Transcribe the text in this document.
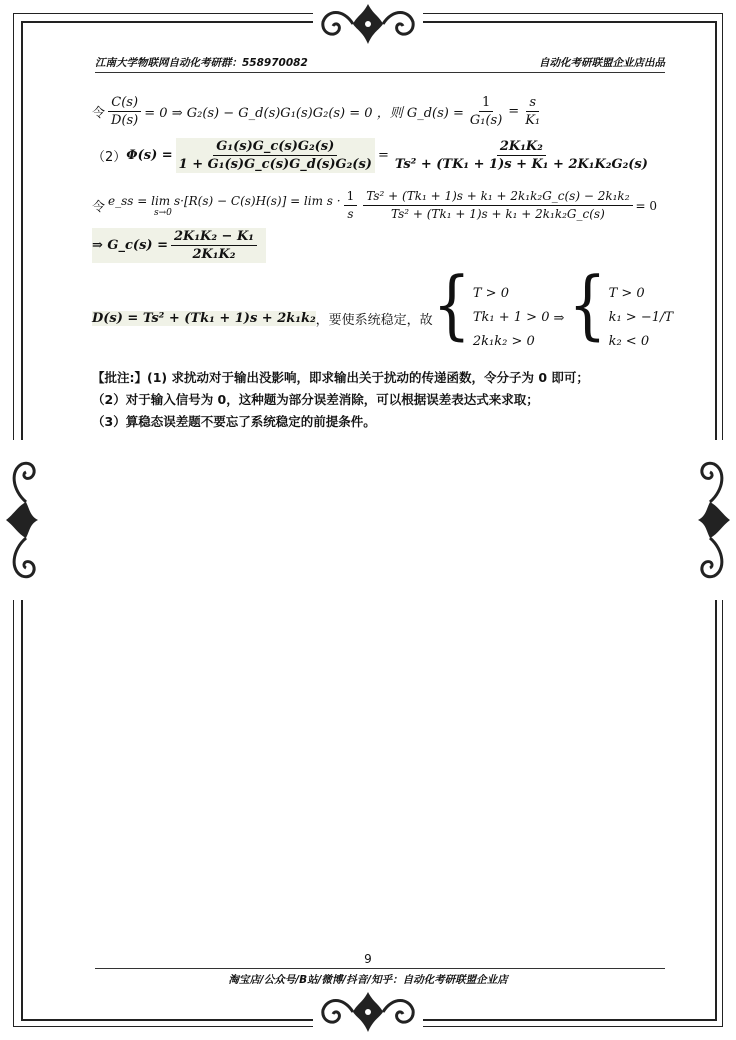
江南大学物联网自动化考研群：558970082	自动化考研联盟企业店出品
令 $\frac{C(s)}{D(s)} = 0$ ⇒ G₂(s) − G_d(s)G₁(s)G₂(s) = 0 ，则 G_d(s) = $\frac{1}{\text{G₁(s)}} = \frac{s}{\text{K₁}}$
（2） $\Phi(s) = \frac{\text{G₁(s)G\_c(s)G₂(s)}}{\text{1 + G₁(s)G\_c(s)G\_d(s)G₂(s)}} = \frac{\text{2K₁K₂}}{\text{Ts² + (TK₁ + 1)s + K₁ + 2K₁K₂G₂(s)}}$
令 e_ss = lim s·[R(s) − C(s)H(s)] = lim s ·
s→0	$\frac{1}{s} \frac{\text{Ts² + (Tk₁ + 1)s + k₁ + 2k₁k₂G\_c(s) − 2k₁k₂}}{\text{Ts² + (Tk₁ + 1)s + k₁ + 2k₁k₂G\_c(s)}} = 0$
⇒ G_c(s) = $\frac{\text{2K₁K₂ − K₁}}{\text{2K₁K₂}}$
D(s) = Ts² + (Tk₁ + 1)s + 2k₁k₂ ，要使系统稳定，故 { T > 0
Tk₁ + 1 > 0
2k₁k₂ > 0
⇒ { T > 0
k₁ > −1/T
k₂ < 0
【批注:】(1) 求扰动对于输出没影响，即求输出关于扰动的传递函数，令分子为 0 即可；
（2）对于输入信号为 0，这种题为部分误差消除，可以根据误差表达式来求取；
（3）算稳态误差题不要忘了系统稳定的前提条件。
9
淘宝店/公众号/B站/微博/抖音/知乎：自动化考研联盟企业店
